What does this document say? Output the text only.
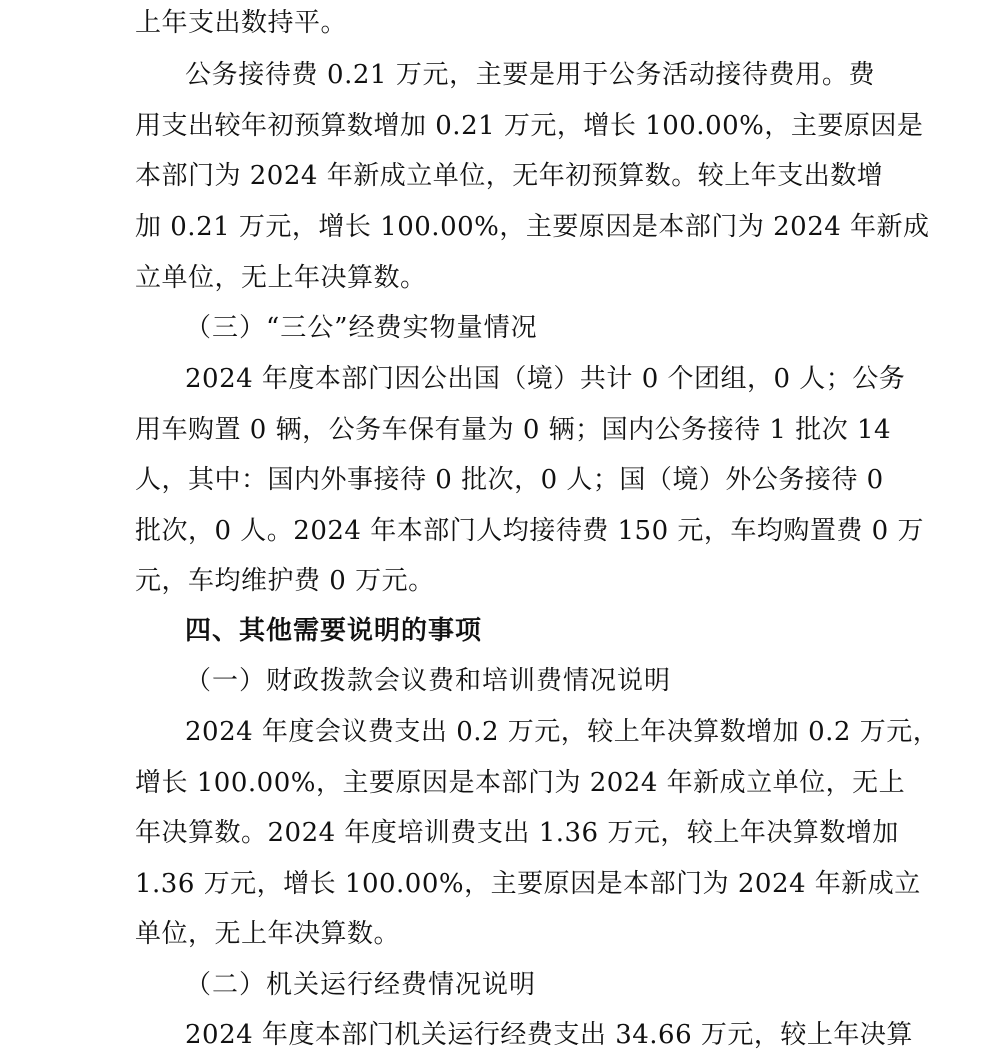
上年支出数持平。
公务接待费 0.21 万元，主要是用于公务活动接待费用。费
用支出较年初预算数增加 0.21 万元，增长 100.00%，主要原因是
本部门为 2024 年新成立单位，无年初预算数。较上年支出数增
加 0.21 万元，增长 100.00%，主要原因是本部门为 2024 年新成
立单位，无上年决算数。
（三）“三公”经费实物量情况
2024 年度本部门因公出国（境）共计 0 个团组，0 人；公务
用车购置 0 辆，公务车保有量为 0 辆；国内公务接待 1 批次 14
人，其中：国内外事接待 0 批次，0 人；国（境）外公务接待 0
批次，0 人。2024 年本部门人均接待费 150 元，车均购置费 0 万
元，车均维护费 0 万元。
四、其他需要说明的事项
（一）财政拨款会议费和培训费情况说明
2024 年度会议费支出 0.2 万元，较上年决算数增加 0.2 万元，
增长 100.00%，主要原因是本部门为 2024 年新成立单位，无上
年决算数。2024 年度培训费支出 1.36 万元，较上年决算数增加
1.36 万元，增长 100.00%，主要原因是本部门为 2024 年新成立
单位，无上年决算数。
（二）机关运行经费情况说明
2024 年度本部门机关运行经费支出 34.66 万元，较上年决算
